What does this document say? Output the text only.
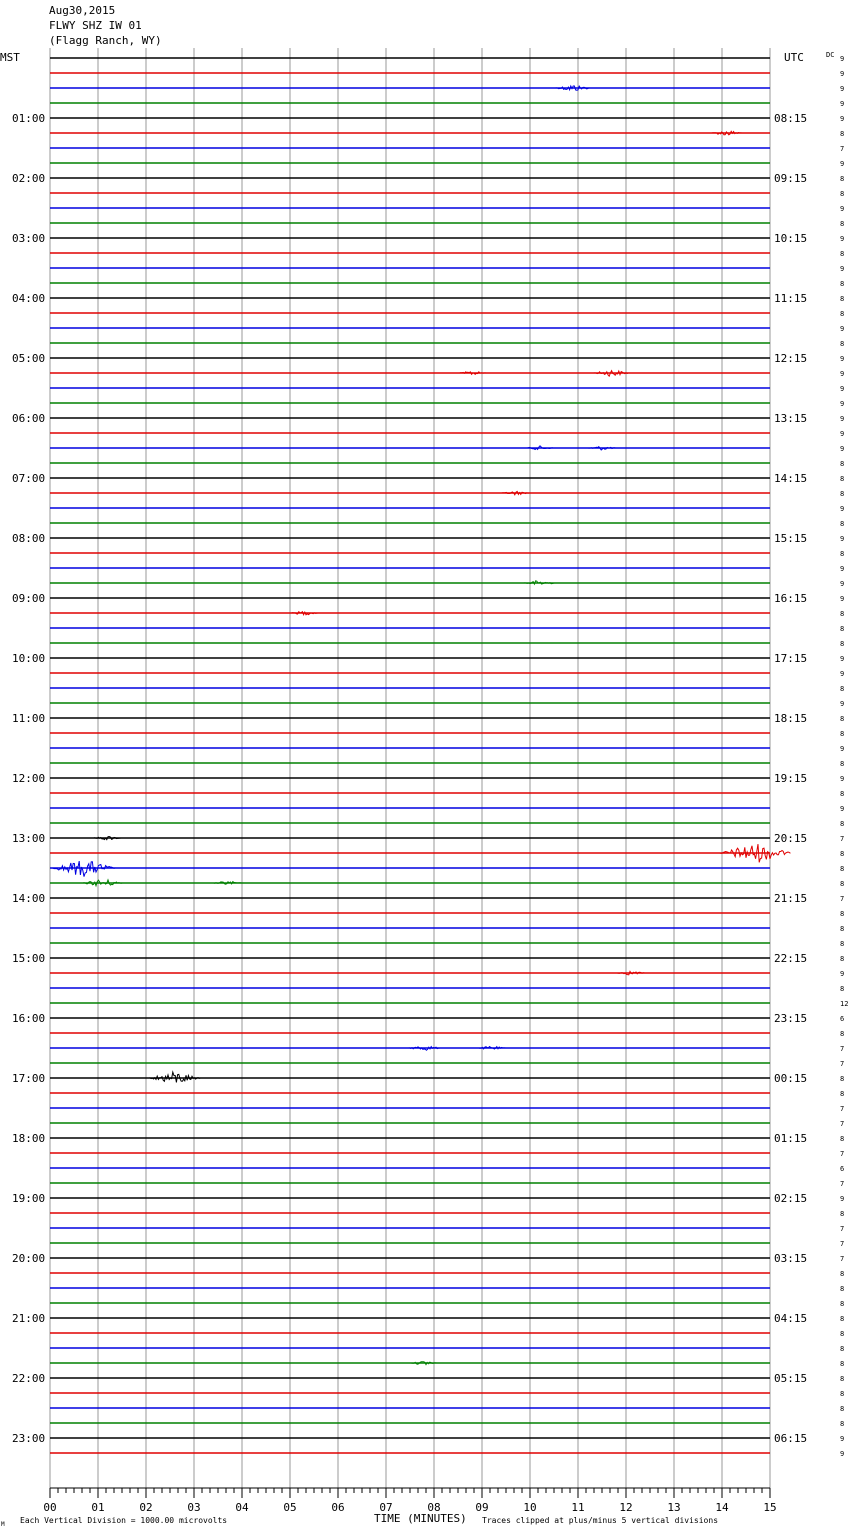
Aug30,2015
FLWY SHZ IW 01
(Flagg Ranch, WY)
9
9
9
9
9
8
7
9
8
8
9
8
9
8
9
8
8
8
9
8
9
9
9
9
9
9
9
8
8
8
9
8
9
8
9
9
9
8
8
8
9
9
8
9
8
8
9
8
9
8
9
8
7
8
8
8
7
8
8
8
8
9
8
12
6
8
7
7
8
8
7
7
8
7
6
7
9
8
7
7
7
8
8
8
8
8
8
8
8
8
8
8
9
9
01:00
02:00
03:00
04:00
05:00
06:00
07:00
08:00
09:00
10:00
11:00
12:00
13:00
14:00
15:00
16:00
17:00
18:00
19:00
20:00
21:00
22:00
23:00
08:15
09:15
10:15
11:15
12:15
13:15
14:15
15:15
16:15
17:15
18:15
19:15
20:15
21:15
22:15
23:15
00:15
01:15
02:15
03:15
04:15
05:15
06:15
00	01	02	03	04	05	06	07	08	09	10	11	12	13	14	15
MST	UTC	DC
M Each Vertical Division = 1000.00 microvolts	TIME (MINUTES) Traces clipped at plus/minus 5 vertical divisions
